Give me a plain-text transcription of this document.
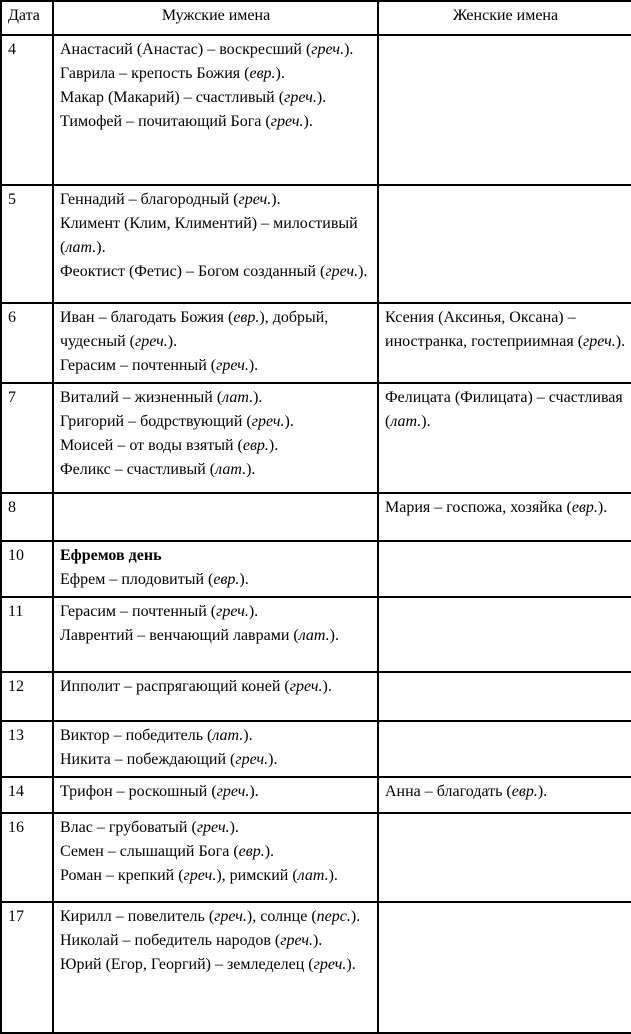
Дата	Мужские имена	Женские имена
4	Анастасий (Анастас) – воскресший (греч.).
Гаврила – крепость Божия (евр.).
Макар (Макарий) – счастливый (греч.).
Тимофей – почитающий Бога (греч.).	

5	Геннадий – благородный (греч.).
Климент (Клим, Климентий) – милостивый (лат.).
Феоктист (Фетис) – Богом созданный (греч.).	

6	Иван – благодать Божия (евр.), добрый, чудесный (греч.).
Герасим – почтенный (греч.).	Ксения (Аксинья, Оксана) – иностранка, гостеприимная (греч.).

7	Виталий – жизненный (лат.).
Григорий – бодрствующий (греч.).
Моисей – от воды взятый (евр.).
Феликс – счастливый (лат.).	Фелицата (Филицата) – счастливая (лат.).

8		Мария – госпожа, хозяйка (евр.).

10	Ефремов день
Ефрем – плодовитый (евр.).	

11	Герасим – почтенный (греч.).
Лаврентий – венчающий лаврами (лат.).	

12	Ипполит – распрягающий коней (греч.).	

13	Виктор – победитель (лат.).
Никита – побеждающий (греч.).	

14	Трифон – роскошный (греч.).	Анна – благодать (евр.).

16	Влас – грубоватый (греч.).
Семен – слышащий Бога (евр.).
Роман – крепкий (греч.), римский (лат.).	

17	Кирилл – повелитель (греч.), солнце (перс.).
Николай – победитель народов (греч.).
Юрий (Егор, Георгий) – земледелец (греч.).	
